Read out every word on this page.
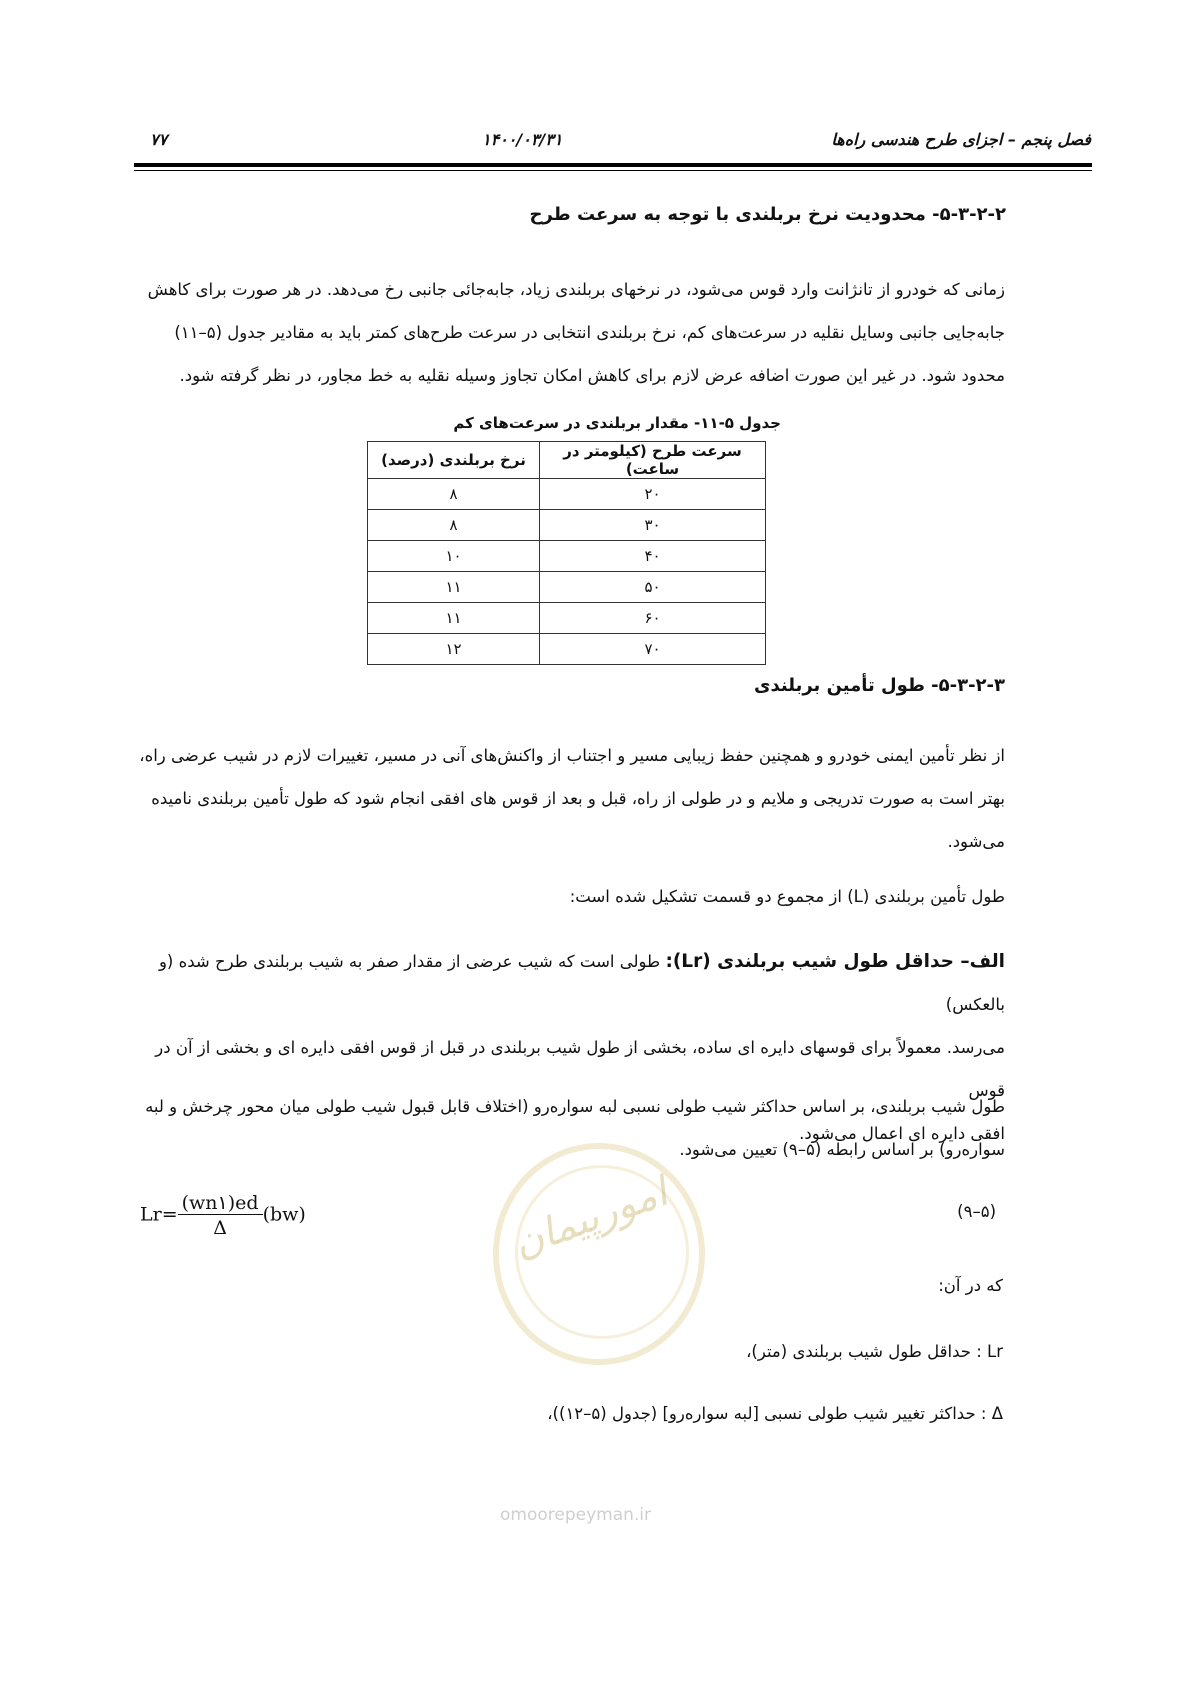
۷۷	۱۴۰۰/۰۳/۳۱	فصل پنجم – اجزای طرح هندسی راه‌ها
۵-۳-۲-۲- محدودیت نرخ بربلندی با توجه به سرعت طرح
زمانی که خودرو از تانژانت وارد قوس می‌شود، در نرخهای بربلندی زیاد، جابه‌جائی جانبی رخ می‌دهد. در هر صورت برای کاهش
جابه‌جایی جانبی وسایل نقلیه در سرعت‌های کم، نرخ بربلندی انتخابی در سرعت طرح‌های کمتر باید به مقادیر جدول (۵–۱۱)
محدود شود. در غیر این صورت اضافه عرض لازم برای کاهش امکان تجاوز وسیله نقلیه به خط مجاور، در نظر گرفته شود.
جدول ۵-۱۱- مقدار بربلندی در سرعت‌های کم
سرعت طرح (کیلومتر در ساعت)	نرخ بربلندی (درصد)
۲۰	۸
۳۰	۸
۴۰	۱۰
۵۰	۱۱
۶۰	۱۱
۷۰	۱۲
۵-۳-۲-۳- طول تأمین بربلندی
از نظر تأمین ایمنی خودرو و همچنین حفظ زیبایی مسیر و اجتناب از واکنش‌های آنی در مسیر، تغییرات لازم در شیب عرضی راه،
بهتر است به صورت تدریجی و ملایم و در طولی از راه، قبل و بعد از قوس های افقی انجام شود که طول تأمین بربلندی نامیده
می‌شود.
طول تأمین بربلندی (L) از مجموع دو قسمت تشکیل شده است:
الف– حداقل طول شیب بربلندی (Lr): طولی است که شیب عرضی از مقدار صفر به شیب بربلندی طرح شده (و بالعکس)
می‌رسد. معمولاً برای قوسهای دایره ای ساده، بخشی از طول شیب بربلندی در قبل از قوس افقی دایره ای و بخشی از آن در قوس
افقی دایره ای اعمال می‌شود.
طول شیب بربلندی، بر اساس حداکثر شیب طولی نسبی لبه سواره‌رو (اختلاف قابل قبول شیب طولی میان محور چرخش و لبه
سواره‌رو) بر اساس رابطه (۵–۹) تعیین می‌شود.
$Lr= \frac{(wn۱)ed}{\Delta} (bw)$	(۵–۹)
امورپیمان
که در آن:
Lr : حداقل طول شیب بربلندی (متر)،
Δ : حداکثر تغییر شیب طولی نسبی [لبه سواره‌رو] (جدول (۵–۱۲))،
omoorepeyman.ir
